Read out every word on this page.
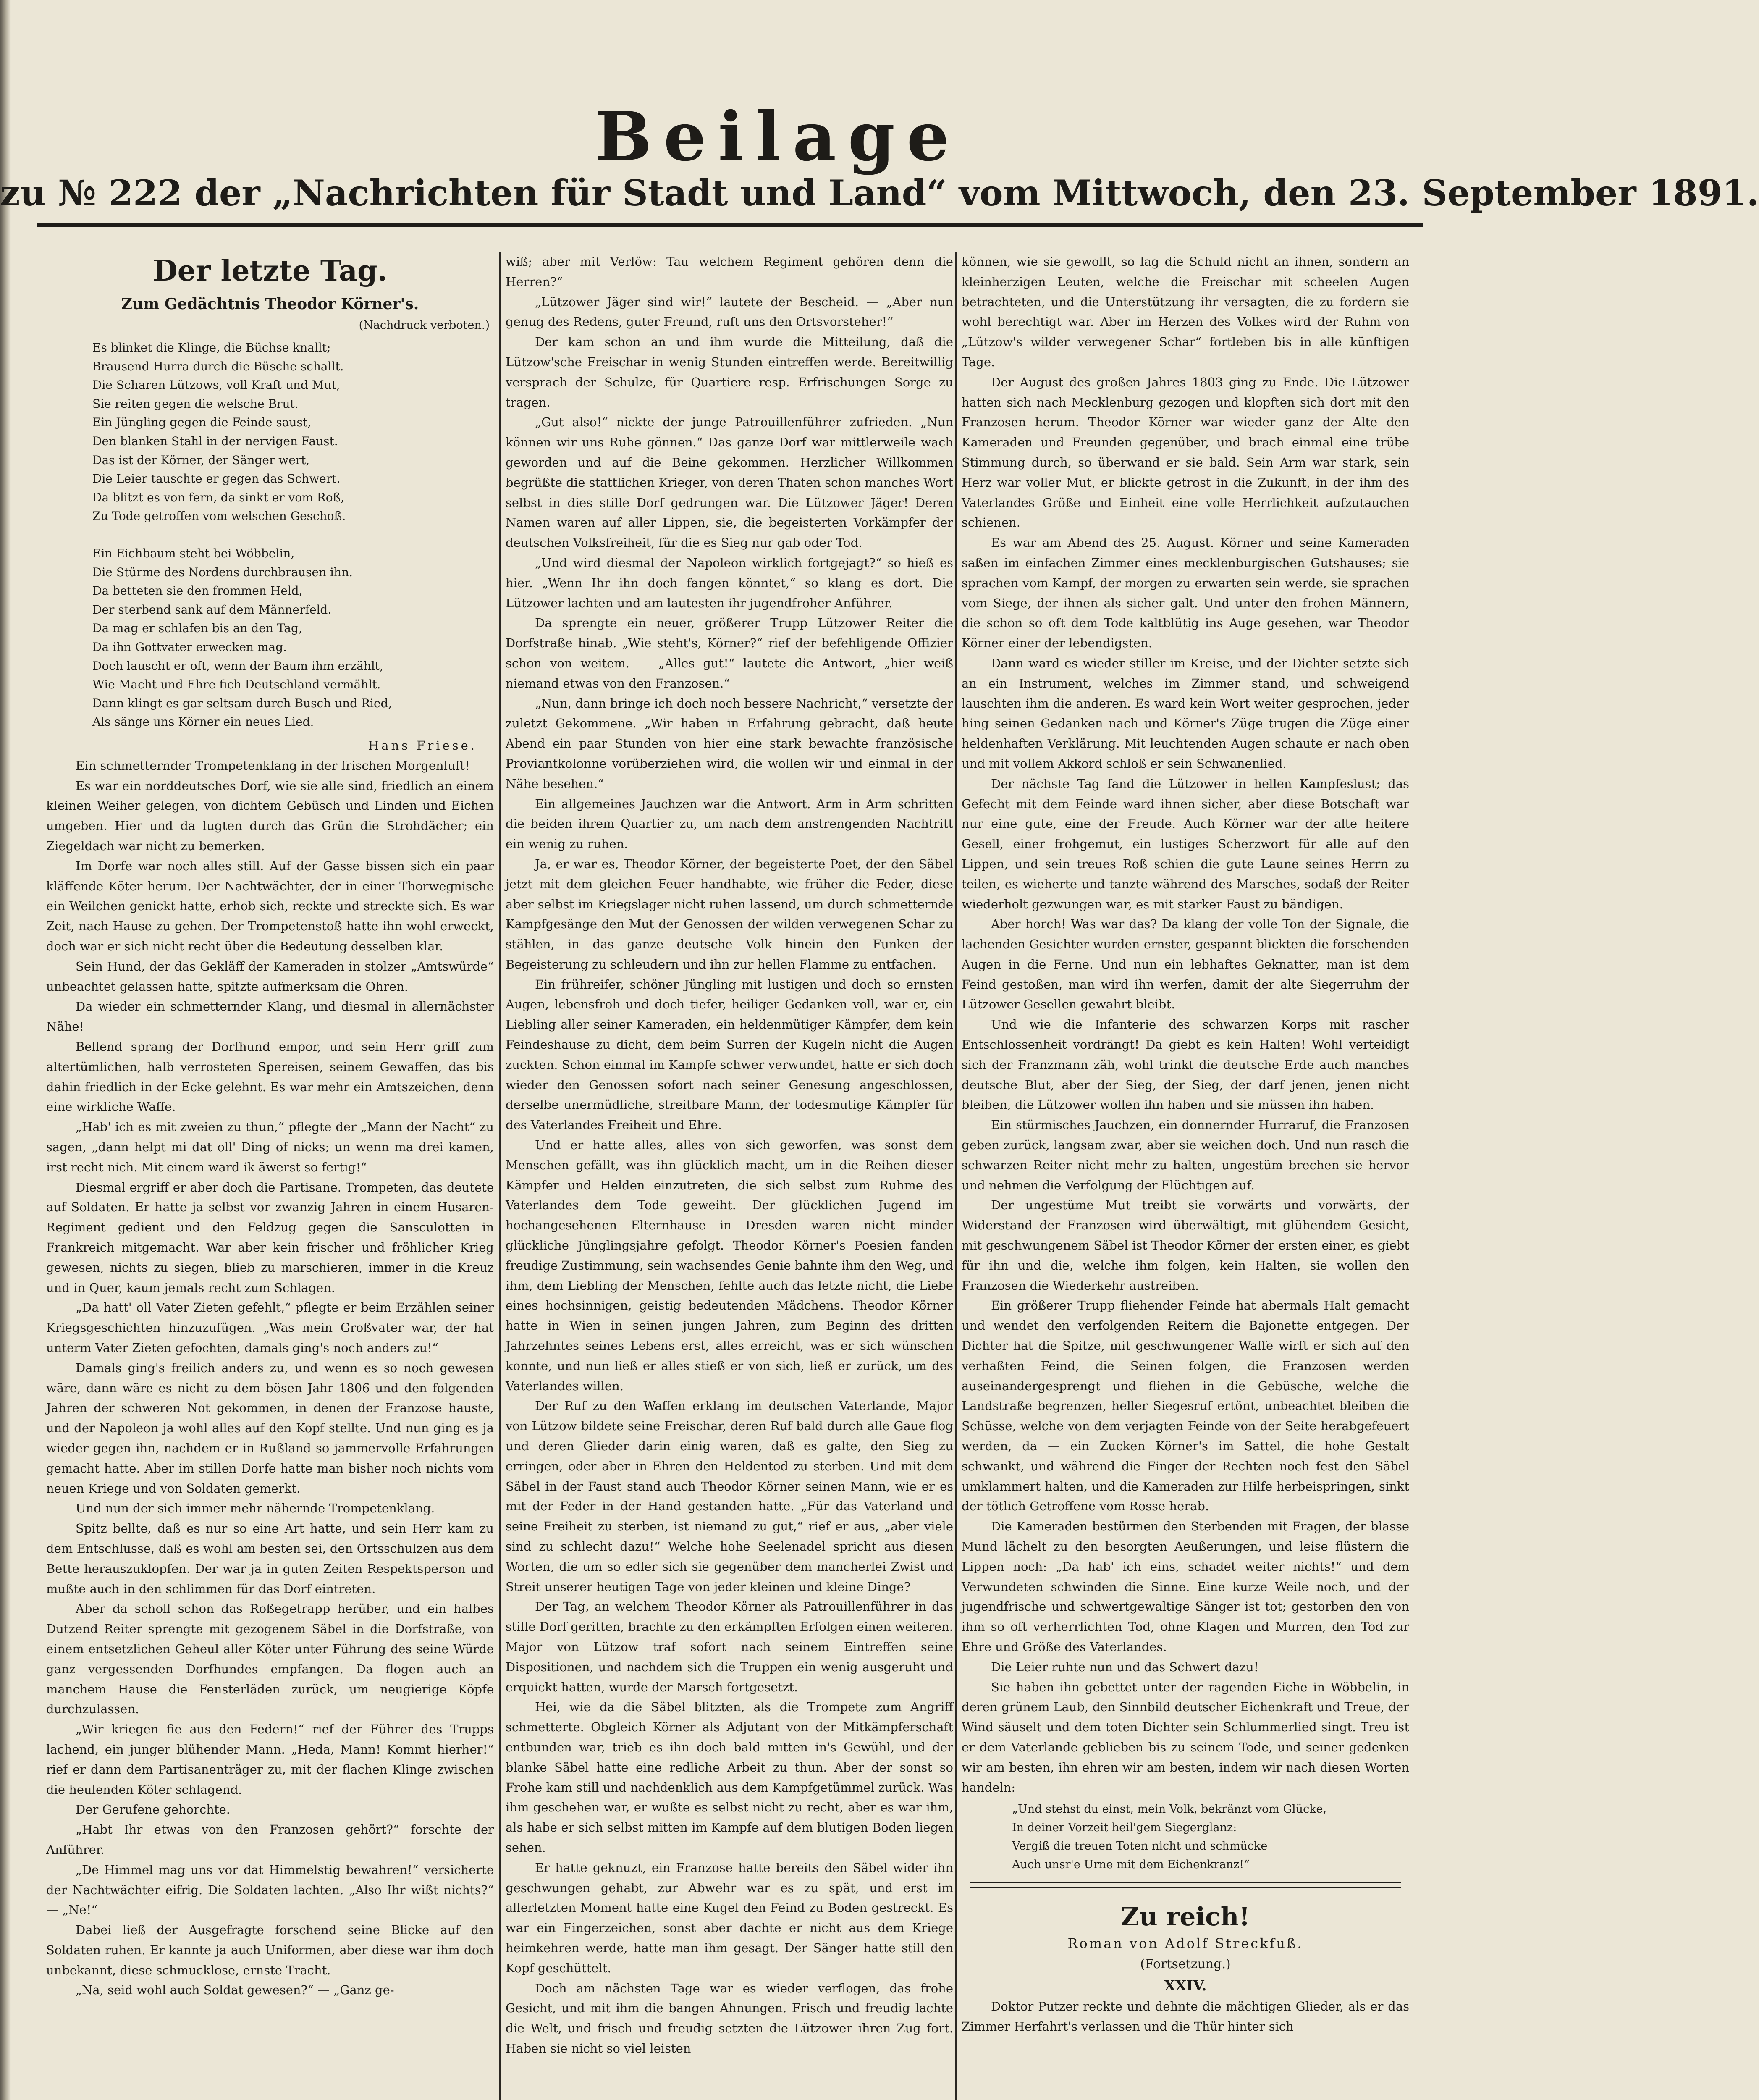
Beilage
zu № 222 der „Nachrichten für Stadt und Land“ vom Mittwoch, den 23. September 1891.
Der letzte Tag.
Zum Gedächtnis Theodor Körner's.
(Nachdruck verboten.)
Es blinket die Klinge, die Büchse knallt;
Brausend Hurra durch die Büsche schallt.
Die Scharen Lützows, voll Kraft und Mut,
Sie reiten gegen die welsche Brut.
Ein Jüngling gegen die Feinde saust,
Den blanken Stahl in der nervigen Faust.
Das ist der Körner, der Sänger wert,
Die Leier tauschte er gegen das Schwert.
Da blitzt es von fern, da sinkt er vom Roß,
Zu Tode getroffen vom welschen Geschoß.
Ein Eichbaum steht bei Wöbbelin,
Die Stürme des Nordens durchbrausen ihn.
Da betteten sie den frommen Held,
Der sterbend sank auf dem Männerfeld.
Da mag er schlafen bis an den Tag,
Da ihn Gottvater erwecken mag.
Doch lauscht er oft, wenn der Baum ihm erzählt,
Wie Macht und Ehre fich Deutschland vermählt.
Dann klingt es gar seltsam durch Busch und Ried,
Als sänge uns Körner ein neues Lied.
Hans Friese.

Ein schmetternder Trompetenklang in der frischen Morgenluft!

Es war ein norddeutsches Dorf, wie sie alle sind, friedlich an einem kleinen Weiher gelegen, von dichtem Gebüsch und Linden und Eichen umgeben. Hier und da lugten durch das Grün die Strohdächer; ein Ziegeldach war nicht zu bemerken.

Im Dorfe war noch alles still. Auf der Gasse bissen sich ein paar kläffende Köter herum. Der Nachtwächter, der in einer Thorwegnische ein Weilchen genickt hatte, erhob sich, reckte und streckte sich. Es war Zeit, nach Hause zu gehen. Der Trompetenstoß hatte ihn wohl erweckt, doch war er sich nicht recht über die Bedeutung desselben klar.

Sein Hund, der das Gekläff der Kameraden in stolzer „Amtswürde“ unbeachtet gelassen hatte, spitzte aufmerksam die Ohren.

Da wieder ein schmetternder Klang, und diesmal in allernächster Nähe!

Bellend sprang der Dorfhund empor, und sein Herr griff zum altertümlichen, halb verrosteten Spereisen, seinem Gewaffen, das bis dahin friedlich in der Ecke gelehnt. Es war mehr ein Amtszeichen, denn eine wirkliche Waffe.

„Hab' ich es mit zweien zu thun,“ pflegte der „Mann der Nacht“ zu sagen, „dann helpt mi dat oll' Ding of nicks; un wenn ma drei kamen, irst recht nich. Mit einem ward ik äwerst so fertig!“

Diesmal ergriff er aber doch die Partisane. Trompeten, das deutete auf Soldaten. Er hatte ja selbst vor zwanzig Jahren in einem Husaren-Regiment gedient und den Feldzug gegen die Sansculotten in Frankreich mitgemacht. War aber kein frischer und fröhlicher Krieg gewesen, nichts zu siegen, blieb zu marschieren, immer in die Kreuz und in Quer, kaum jemals recht zum Schlagen.

„Da hatt' oll Vater Zieten gefehlt,“ pflegte er beim Erzählen seiner Kriegsgeschichten hinzuzufügen. „Was mein Großvater war, der hat unterm Vater Zieten gefochten, damals ging's noch anders zu!“

Damals ging's freilich anders zu, und wenn es so noch gewesen wäre, dann wäre es nicht zu dem bösen Jahr 1806 und den folgenden Jahren der schweren Not gekommen, in denen der Franzose hauste, und der Napoleon ja wohl alles auf den Kopf stellte. Und nun ging es ja wieder gegen ihn, nachdem er in Rußland so jammervolle Erfahrungen gemacht hatte. Aber im stillen Dorfe hatte man bisher noch nichts vom neuen Kriege und von Soldaten gemerkt.

Und nun der sich immer mehr nähernde Trompetenklang.

Spitz bellte, daß es nur so eine Art hatte, und sein Herr kam zu dem Entschlusse, daß es wohl am besten sei, den Ortsschulzen aus dem Bette herauszuklopfen. Der war ja in guten Zeiten Respektsperson und mußte auch in den schlimmen für das Dorf eintreten.

Aber da scholl schon das Roßegetrapp herüber, und ein halbes Dutzend Reiter sprengte mit gezogenem Säbel in die Dorfstraße, von einem entsetzlichen Geheul aller Köter unter Führung des seine Würde ganz vergessenden Dorfhundes empfangen. Da flogen auch an manchem Hause die Fensterläden zurück, um neugierige Köpfe durchzulassen.

„Wir kriegen fie aus den Federn!“ rief der Führer des Trupps lachend, ein junger blühender Mann. „Heda, Mann! Kommt hierher!“ rief er dann dem Partisanenträger zu, mit der flachen Klinge zwischen die heulenden Köter schlagend.

Der Gerufene gehorchte.

„Habt Ihr etwas von den Franzosen gehört?“ forschte der Anführer.

„De Himmel mag uns vor dat Himmelstig bewahren!“ versicherte der Nachtwächter eifrig. Die Soldaten lachten. „Also Ihr wißt nichts?“ — „Ne!“

Dabei ließ der Ausgefragte forschend seine Blicke auf den Soldaten ruhen. Er kannte ja auch Uniformen, aber diese war ihm doch unbekannt, diese schmucklose, ernste Tracht.

„Na, seid wohl auch Soldat gewesen?“ — „Ganz ge-

wiß; aber mit Verlöw: Tau welchem Regiment gehören denn die Herren?“

„Lützower Jäger sind wir!“ lautete der Bescheid. — „Aber nun genug des Redens, guter Freund, ruft uns den Ortsvorsteher!“

Der kam schon an und ihm wurde die Mitteilung, daß die Lützow'sche Freischar in wenig Stunden eintreffen werde. Bereitwillig versprach der Schulze, für Quartiere resp. Erfrischungen Sorge zu tragen.

„Gut also!“ nickte der junge Patrouillenführer zufrieden. „Nun können wir uns Ruhe gönnen.“ Das ganze Dorf war mittlerweile wach geworden und auf die Beine gekommen. Herzlicher Willkommen begrüßte die stattlichen Krieger, von deren Thaten schon manches Wort selbst in dies stille Dorf gedrungen war. Die Lützower Jäger! Deren Namen waren auf aller Lippen, sie, die begeisterten Vorkämpfer der deutschen Volksfreiheit, für die es Sieg nur gab oder Tod.

„Und wird diesmal der Napoleon wirklich fortgejagt?“ so hieß es hier. „Wenn Ihr ihn doch fangen könntet,“ so klang es dort. Die Lützower lachten und am lautesten ihr jugendfroher Anführer.

Da sprengte ein neuer, größerer Trupp Lützower Reiter die Dorfstraße hinab. „Wie steht's, Körner?“ rief der befehligende Offizier schon von weitem. — „Alles gut!“ lautete die Antwort, „hier weiß niemand etwas von den Franzosen.“

„Nun, dann bringe ich doch noch bessere Nachricht,“ versetzte der zuletzt Gekommene. „Wir haben in Erfahrung gebracht, daß heute Abend ein paar Stunden von hier eine stark bewachte französische Proviantkolonne vorüberziehen wird, die wollen wir und einmal in der Nähe besehen.“

Ein allgemeines Jauchzen war die Antwort. Arm in Arm schritten die beiden ihrem Quartier zu, um nach dem anstrengenden Nachtritt ein wenig zu ruhen.

Ja, er war es, Theodor Körner, der begeisterte Poet, der den Säbel jetzt mit dem gleichen Feuer handhabte, wie früher die Feder, diese aber selbst im Kriegslager nicht ruhen lassend, um durch schmetternde Kampfgesänge den Mut der Genossen der wilden verwegenen Schar zu stählen, in das ganze deutsche Volk hinein den Funken der Begeisterung zu schleudern und ihn zur hellen Flamme zu entfachen.

Ein frühreifer, schöner Jüngling mit lustigen und doch so ernsten Augen, lebensfroh und doch tiefer, heiliger Gedanken voll, war er, ein Liebling aller seiner Kameraden, ein heldenmütiger Kämpfer, dem kein Feindeshause zu dicht, dem beim Surren der Kugeln nicht die Augen zuckten. Schon einmal im Kampfe schwer verwundet, hatte er sich doch wieder den Genossen sofort nach seiner Genesung angeschlossen, derselbe unermüdliche, streitbare Mann, der todesmutige Kämpfer für des Vaterlandes Freiheit und Ehre.

Und er hatte alles, alles von sich geworfen, was sonst dem Menschen gefällt, was ihn glücklich macht, um in die Reihen dieser Kämpfer und Helden einzutreten, die sich selbst zum Ruhme des Vaterlandes dem Tode geweiht. Der glücklichen Jugend im hochangesehenen Elternhause in Dresden waren nicht minder glückliche Jünglingsjahre gefolgt. Theodor Körner's Poesien fanden freudige Zustimmung, sein wachsendes Genie bahnte ihm den Weg, und ihm, dem Liebling der Menschen, fehlte auch das letzte nicht, die Liebe eines hochsinnigen, geistig bedeutenden Mädchens. Theodor Körner hatte in Wien in seinen jungen Jahren, zum Beginn des dritten Jahrzehntes seines Lebens erst, alles erreicht, was er sich wünschen konnte, und nun ließ er alles stieß er von sich, ließ er zurück, um des Vaterlandes willen.

Der Ruf zu den Waffen erklang im deutschen Vaterlande, Major von Lützow bildete seine Freischar, deren Ruf bald durch alle Gaue flog und deren Glieder darin einig waren, daß es galte, den Sieg zu erringen, oder aber in Ehren den Heldentod zu sterben. Und mit dem Säbel in der Faust stand auch Theodor Körner seinen Mann, wie er es mit der Feder in der Hand gestanden hatte. „Für das Vaterland und seine Freiheit zu sterben, ist niemand zu gut,“ rief er aus, „aber viele sind zu schlecht dazu!“ Welche hohe Seelenadel spricht aus diesen Worten, die um so edler sich sie gegenüber dem mancherlei Zwist und Streit unserer heutigen Tage von jeder kleinen und kleine Dinge?

Der Tag, an welchem Theodor Körner als Patrouillenführer in das stille Dorf geritten, brachte zu den erkämpften Erfolgen einen weiteren. Major von Lützow traf sofort nach seinem Eintreffen seine Dispositionen, und nachdem sich die Truppen ein wenig ausgeruht und erquickt hatten, wurde der Marsch fortgesetzt.

Hei, wie da die Säbel blitzten, als die Trompete zum Angriff schmetterte. Obgleich Körner als Adjutant von der Mitkämpferschaft entbunden war, trieb es ihn doch bald mitten in's Gewühl, und der blanke Säbel hatte eine redliche Arbeit zu thun. Aber der sonst so Frohe kam still und nachdenklich aus dem Kampfgetümmel zurück. Was ihm geschehen war, er wußte es selbst nicht zu recht, aber es war ihm, als habe er sich selbst mitten im Kampfe auf dem blutigen Boden liegen sehen.

Er hatte geknuzt, ein Franzose hatte bereits den Säbel wider ihn geschwungen gehabt, zur Abwehr war es zu spät, und erst im allerletzten Moment hatte eine Kugel den Feind zu Boden gestreckt. Es war ein Fingerzeichen, sonst aber dachte er nicht aus dem Kriege heimkehren werde, hatte man ihm gesagt. Der Sänger hatte still den Kopf geschüttelt.

Doch am nächsten Tage war es wieder verflogen, das frohe Gesicht, und mit ihm die bangen Ahnungen. Frisch und freudig lachte die Welt, und frisch und freudig setzten die Lützower ihren Zug fort. Haben sie nicht so viel leisten

können, wie sie gewollt, so lag die Schuld nicht an ihnen, sondern an kleinherzigen Leuten, welche die Freischar mit scheelen Augen betrachteten, und die Unterstützung ihr versagten, die zu fordern sie wohl berechtigt war. Aber im Herzen des Volkes wird der Ruhm von „Lützow's wilder verwegener Schar“ fortleben bis in alle künftigen Tage.

Der August des großen Jahres 1803 ging zu Ende. Die Lützower hatten sich nach Mecklenburg gezogen und klopften sich dort mit den Franzosen herum. Theodor Körner war wieder ganz der Alte den Kameraden und Freunden gegenüber, und brach einmal eine trübe Stimmung durch, so überwand er sie bald. Sein Arm war stark, sein Herz war voller Mut, er blickte getrost in die Zukunft, in der ihm des Vaterlandes Größe und Einheit eine volle Herrlichkeit aufzutauchen schienen.

Es war am Abend des 25. August. Körner und seine Kameraden saßen im einfachen Zimmer eines mecklenburgischen Gutshauses; sie sprachen vom Kampf, der morgen zu erwarten sein werde, sie sprachen vom Siege, der ihnen als sicher galt. Und unter den frohen Männern, die schon so oft dem Tode kaltblütig ins Auge gesehen, war Theodor Körner einer der lebendigsten.

Dann ward es wieder stiller im Kreise, und der Dichter setzte sich an ein Instrument, welches im Zimmer stand, und schweigend lauschten ihm die anderen. Es ward kein Wort weiter gesprochen, jeder hing seinen Gedanken nach und Körner's Züge trugen die Züge einer heldenhaften Verklärung. Mit leuchtenden Augen schaute er nach oben und mit vollem Akkord schloß er sein Schwanenlied.

Der nächste Tag fand die Lützower in hellen Kampfeslust; das Gefecht mit dem Feinde ward ihnen sicher, aber diese Botschaft war nur eine gute, eine der Freude. Auch Körner war der alte heitere Gesell, einer frohgemut, ein lustiges Scherzwort für alle auf den Lippen, und sein treues Roß schien die gute Laune seines Herrn zu teilen, es wieherte und tanzte während des Marsches, sodaß der Reiter wiederholt gezwungen war, es mit starker Faust zu bändigen.

Aber horch! Was war das? Da klang der volle Ton der Signale, die lachenden Gesichter wurden ernster, gespannt blickten die forschenden Augen in die Ferne. Und nun ein lebhaftes Geknatter, man ist dem Feind gestoßen, man wird ihn werfen, damit der alte Siegerruhm der Lützower Gesellen gewahrt bleibt.

Und wie die Infanterie des schwarzen Korps mit rascher Entschlossenheit vordrängt! Da giebt es kein Halten! Wohl verteidigt sich der Franzmann zäh, wohl trinkt die deutsche Erde auch manches deutsche Blut, aber der Sieg, der Sieg, der darf jenen, jenen nicht bleiben, die Lützower wollen ihn haben und sie müssen ihn haben.

Ein stürmisches Jauchzen, ein donnernder Hurraruf, die Franzosen geben zurück, langsam zwar, aber sie weichen doch. Und nun rasch die schwarzen Reiter nicht mehr zu halten, ungestüm brechen sie hervor und nehmen die Verfolgung der Flüchtigen auf.

Der ungestüme Mut treibt sie vorwärts und vorwärts, der Widerstand der Franzosen wird überwältigt, mit glühendem Gesicht, mit geschwungenem Säbel ist Theodor Körner der ersten einer, es giebt für ihn und die, welche ihm folgen, kein Halten, sie wollen den Franzosen die Wiederkehr austreiben.

Ein größerer Trupp fliehender Feinde hat abermals Halt gemacht und wendet den verfolgenden Reitern die Bajonette entgegen. Der Dichter hat die Spitze, mit geschwungener Waffe wirft er sich auf den verhaßten Feind, die Seinen folgen, die Franzosen werden auseinandergesprengt und fliehen in die Gebüsche, welche die Landstraße begrenzen, heller Siegesruf ertönt, unbeachtet bleiben die Schüsse, welche von dem verjagten Feinde von der Seite herabgefeuert werden, da — ein Zucken Körner's im Sattel, die hohe Gestalt schwankt, und während die Finger der Rechten noch fest den Säbel umklammert halten, und die Kameraden zur Hilfe herbeispringen, sinkt der tötlich Getroffene vom Rosse herab.

Die Kameraden bestürmen den Sterbenden mit Fragen, der blasse Mund lächelt zu den besorgten Aeußerungen, und leise flüstern die Lippen noch: „Da hab' ich eins, schadet weiter nichts!“ und dem Verwundeten schwinden die Sinne. Eine kurze Weile noch, und der jugendfrische und schwertgewaltige Sänger ist tot; gestorben den von ihm so oft verherrlichten Tod, ohne Klagen und Murren, den Tod zur Ehre und Größe des Vaterlandes.

Die Leier ruhte nun und das Schwert dazu!

Sie haben ihn gebettet unter der ragenden Eiche in Wöbbelin, in deren grünem Laub, den Sinnbild deutscher Eichenkraft und Treue, der Wind säuselt und dem toten Dichter sein Schlummerlied singt. Treu ist er dem Vaterlande geblieben bis zu seinem Tode, und seiner gedenken wir am besten, ihn ehren wir am besten, indem wir nach diesen Worten handeln:

„Und stehst du einst, mein Volk, bekränzt vom Glücke,
In deiner Vorzeit heil'gem Siegerglanz:
Vergiß die treuen Toten nicht und schmücke
Auch unsr'e Urne mit dem Eichenkranz!“
Zu reich!
Roman von Adolf Streckfuß.
(Fortsetzung.)
XXIV.

Doktor Putzer reckte und dehnte die mächtigen Glieder, als er das Zimmer Herfahrt's verlassen und die Thür hinter sich
